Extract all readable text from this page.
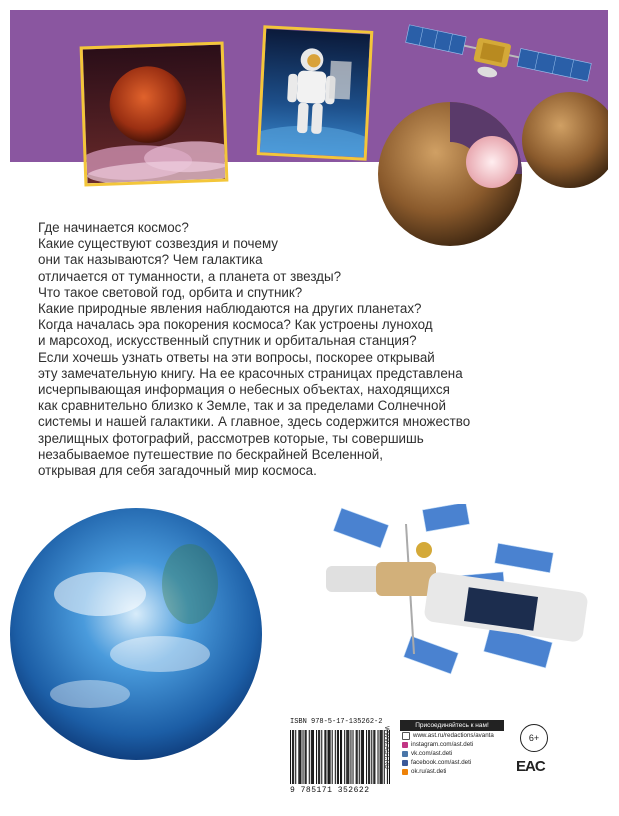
Где начинается космос?

Какие существуют созвездия и почему

они так называются? Чем галактика

отличается от туманности, а планета от звезды?

Что такое световой год, орбита и спутник?

Какие природные явления наблюдаются на других планетах?

Когда началась эра покорения космоса? Как устроены луноход

и марсоход, искусственный спутник и орбитальная станция?

Если хочешь узнать ответы на эти вопросы, поскорее открывай

эту замечательную книгу. На ее красочных страницах представлена

исчерпывающая информация о небесных объектах, находящихся

как сравнительно близко к Земле, так и за пределами Солнечной

системы и нашей галактики. А главное, здесь содержится множество

зрелищных фотографий, рассмотрев которые, ты совершишь

незабываемое путешествие по бескрайней Вселенной,

открывая для себя загадочный мир космоса.

ISBN 978-5-17-135262-2
9 785171 352622
WWW.AST.RU
Присоединяйтесь к нам!
www.ast.ru/redactions/avanta
instagram.com/ast.deti
vk.com/ast.deti
facebook.com/ast.deti
ok.ru/ast.deti
6+
EAC
